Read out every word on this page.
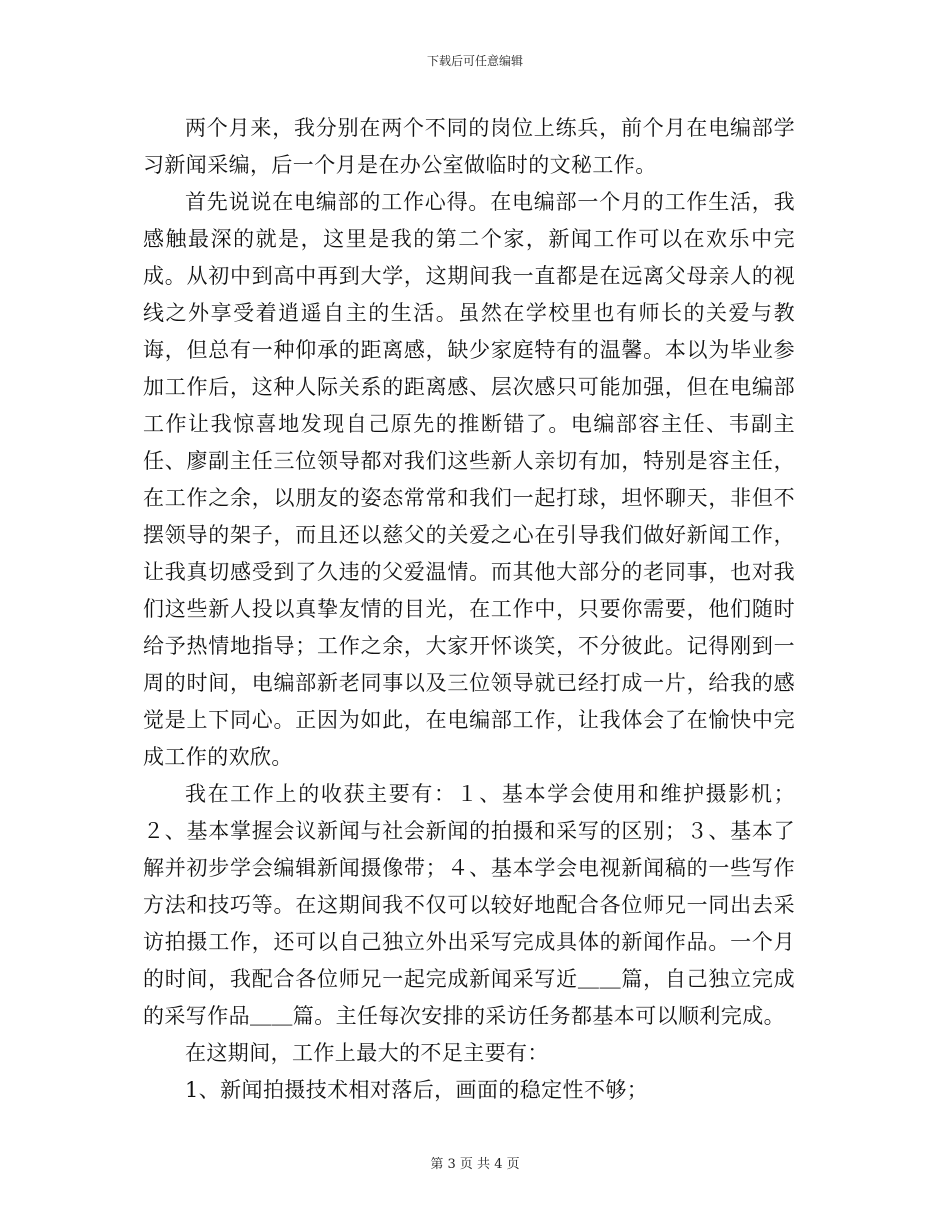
下载后可任意编辑

两个月来，我分别在两个不同的岗位上练兵，前个月在电编部学习新闻采编，后一个月是在办公室做临时的文秘工作。

首先说说在电编部的工作心得。在电编部一个月的工作生活，我感触最深的就是，这里是我的第二个家，新闻工作可以在欢乐中完成。从初中到高中再到大学，这期间我一直都是在远离父母亲人的视线之外享受着逍遥自主的生活。虽然在学校里也有师长的关爱与教诲，但总有一种仰承的距离感，缺少家庭特有的温馨。本以为毕业参加工作后，这种人际关系的距离感、层次感只可能加强，但在电编部工作让我惊喜地发现自己原先的推断错了。电编部容主任、韦副主任、廖副主任三位领导都对我们这些新人亲切有加，特别是容主任，在工作之余，以朋友的姿态常常和我们一起打球，坦怀聊天，非但不摆领导的架子，而且还以慈父的关爱之心在引导我们做好新闻工作，让我真切感受到了久违的父爱温情。而其他大部分的老同事，也对我们这些新人投以真挚友情的目光，在工作中，只要你需要，他们随时给予热情地指导；工作之余，大家开怀谈笑，不分彼此。记得刚到一周的时间，电编部新老同事以及三位领导就已经打成一片，给我的感觉是上下同心。正因为如此，在电编部工作，让我体会了在愉快中完成工作的欢欣。

我在工作上的收获主要有：１、基本学会使用和维护摄影机；２、基本掌握会议新闻与社会新闻的拍摄和采写的区别；３、基本了解并初步学会编辑新闻摄像带；４、基本学会电视新闻稿的一些写作方法和技巧等。在这期间我不仅可以较好地配合各位师兄一同出去采访拍摄工作，还可以自己独立外出采写完成具体的新闻作品。一个月的时间，我配合各位师兄一起完成新闻采写近＿＿篇，自己独立完成的采写作品＿＿篇。主任每次安排的采访任务都基本可以顺利完成。

在这期间，工作上最大的不足主要有：

1、新闻拍摄技术相对落后，画面的稳定性不够；

第 3 页 共 4 页
